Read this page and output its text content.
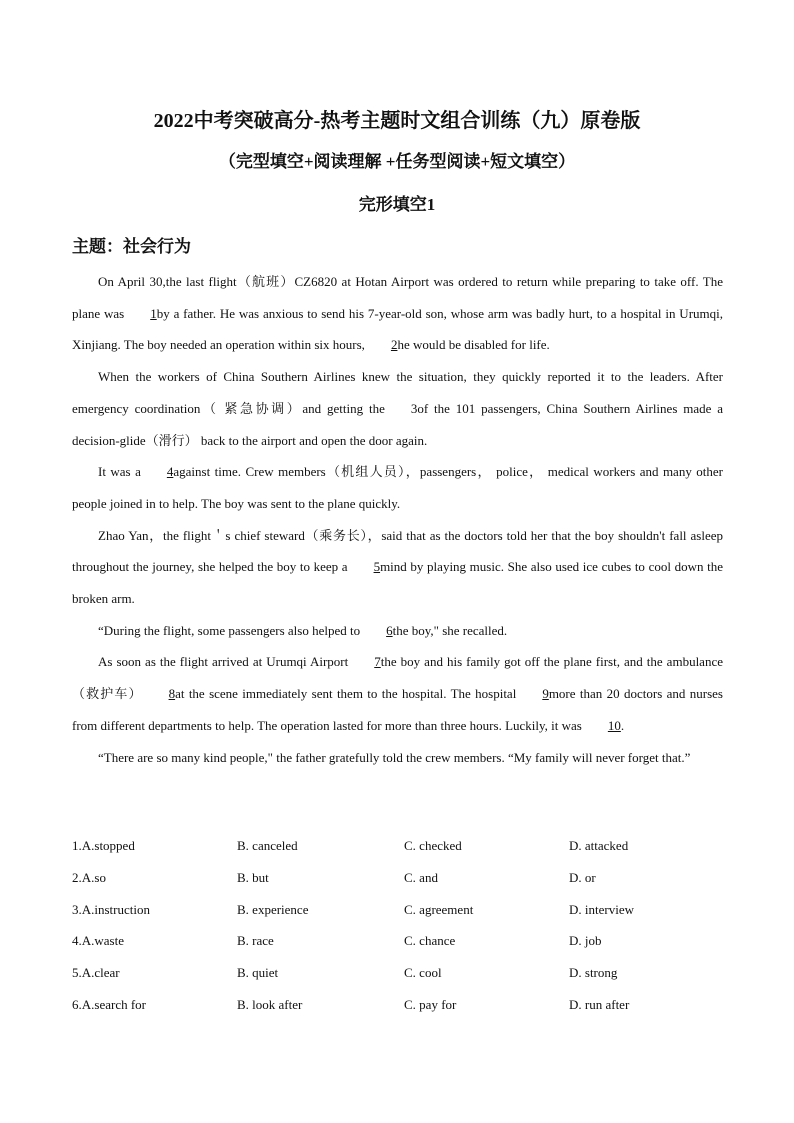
2022中考突破高分-热考主题时文组合训练（九）原卷版
（完型填空+阅读理解 +任务型阅读+短文填空）
完形填空1
主题：社会行为

On April 30,the last flight（航班）CZ6820 at Hotan Airport was ordered to return while preparing to take off. The plane was 1by a father. He was anxious to send his 7-year-old son, whose arm was badly hurt, to a hospital in Urumqi, Xinjiang. The boy needed an operation within six hours, 2he would be disabled for life.

When the workers of China Southern Airlines knew the situation, they quickly reported it to the leaders. After emergency coordination（ 紧急协调）and getting the 3of the 101 passengers, China Southern Airlines made a decision-glide（滑行） back to the airport and open the door again.

It was a 4against time. Crew members（机组人员），passengers， police， medical workers and many other people joined in to help. The boy was sent to the plane quickly.

Zhao Yan，the flight＇s chief steward（乘务长），said that as the doctors told her that the boy shouldn't fall asleep throughout the journey, she helped the boy to keep a 5mind by playing music. She also used ice cubes to cool down the broken arm.

“During the flight, some passengers also helped to 6the boy," she recalled.

As soon as the flight arrived at Urumqi Airport 7the boy and his family got off the plane first, and the ambulance（救护车） 8at the scene immediately sent them to the hospital. The hospital 9more than 20 doctors and nurses from different departments to help. The operation lasted for more than three hours. Luckily, it was 10.

“There are so many kind people," the father gratefully told the crew members. “My family will never forget that.”

1.A.stopped	B. canceled	C. checked	D. attacked
2.A.so	B. but	C. and	D. or
3.A.instruction	B. experience	C. agreement	D. interview
4.A.waste	B. race	C. chance	D. job
5.A.clear	B. quiet	C. cool	D. strong
6.A.search for	B. look after	C. pay for	D. run after
